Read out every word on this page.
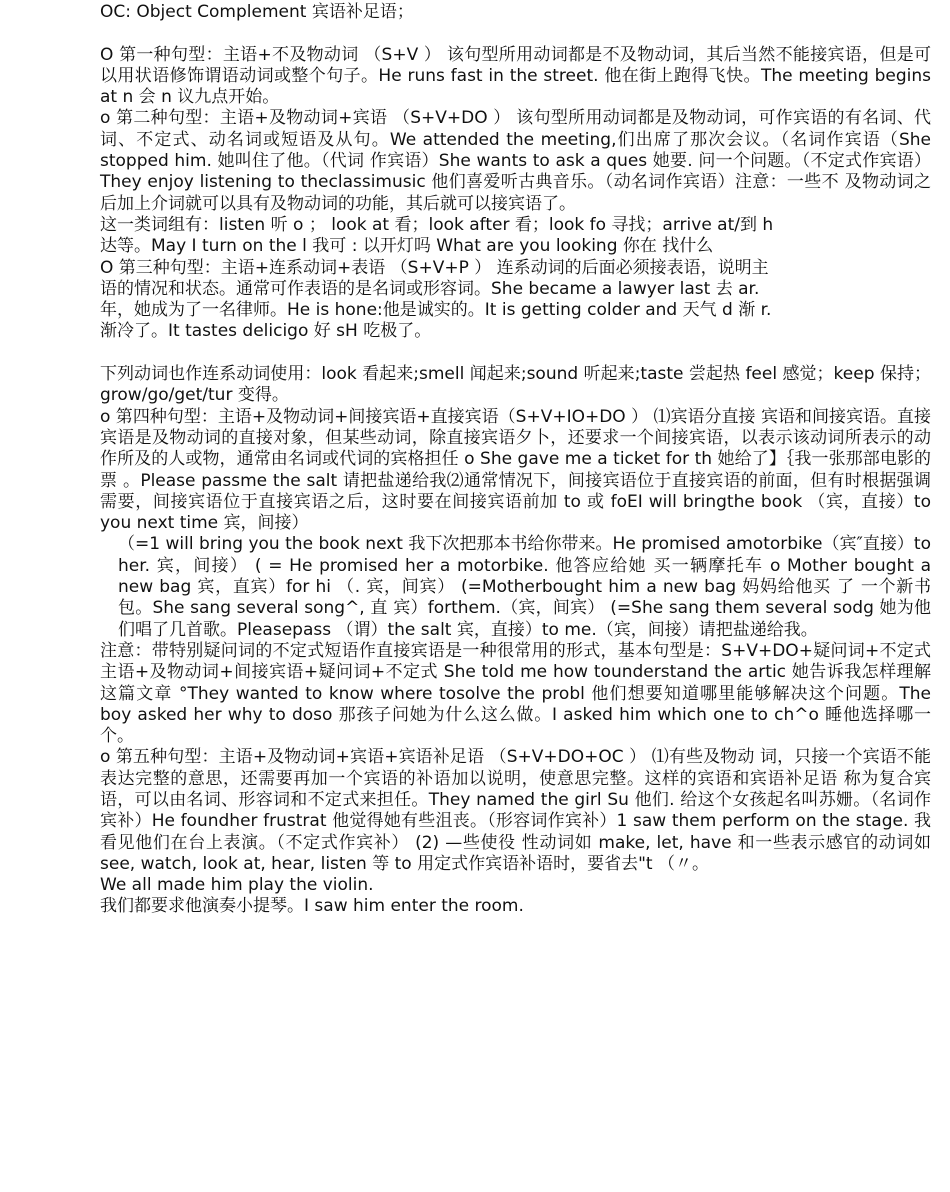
OC: Object Complement 宾语补足语；

O 第一种句型：主语+不及物动词 （S+V ） 该句型所用动词都是不及物动词，其后当然不能接宾语，但是可以用状语修饰谓语动词或整个句子。He runs fast in the street. 他在街上跑得飞快。The meeting begins at n 会 n 议九点开始。

o 第二种句型：主语+及物动词+宾语 （S+V+DO ） 该句型所用动词都是及物动词，可作宾语的有名词、代词、不定式、动名词或短语及从句。We attended the meeting,们出席了那次会议。（名词作宾语（She stopped him. 她叫住了他。（代词 作宾语）She wants to ask a ques 她要. 问一个问题。（不定式作宾语）They enjoy listening to theclassimusic 他们喜爱听古典音乐。（动名词作宾语）注意：一些不 及物动词之后加上介词就可以具有及物动词的功能，其后就可以接宾语了。

这一类词组有：listen 听 o ； look at 看；look after 看；look fo 寻找；arrive at/到 h
达等。May I turn on the l 我可 : 以开灯吗 What are you looking 你在 找什么
O 第三种句型：主语+连系动词+表语 （S+V+P ） 连系动词的后面必须接表语，说明主
语的情况和状态。通常可作表语的是名词或形容词。She became a lawyer last 去 ar.
年，她成为了一名律师。He is hone:他是诚实的。It is getting colder and 天气 d 渐 r.
渐冷了。It tastes delicigo 好 sH 吃极了。

下列动词也作连系动词使用：look 看起来;smell 闻起来;sound 听起来;taste 尝起热 feel 感觉；keep 保持；grow/go/get/tur 变得。

o 第四种句型：主语+及物动词+间接宾语+直接宾语（S+V+IO+DO ） ⑴宾语分直接 宾语和间接宾语。直接宾语是及物动词的直接对象，但某些动词，除直接宾语夕卜，还要求一个间接宾语，以表示该动词所表示的动作所及的人或物，通常由名词或代词的宾格担任 o She gave me a ticket for th 她给了】｛我一张那部电影的票 。Please passme the salt 请把盐递给我⑵通常情况下，间接宾语位于直接宾语的前面，但有时根据强调需要，间接宾语位于直接宾语之后，这时要在间接宾语前加 to 或 foEI will bringthe book （宾，直接）to you next time 宾，间接）

（=1 will bring you the book next 我下次把那本书给你带来。He promised amotorbike（宾″直接）to her. 宾，间接） ( = He promised her a motorbike. 他答应给她 买一辆摩托车 o Mother bought a new bag 宾，直宾）for hi （. 宾，间宾） (=Motherbought him a new bag 妈妈给他买 了 一个新书包。She sang several song^, 直 宾）forthem.（宾，间宾） (=She sang them several sodg 她为他们唱了几首歌。Pleasepass （谓）the salt 宾，直接）to me.（宾，间接）请把盐递给我。

注意：带特别疑问词的不定式短语作直接宾语是一种很常用的形式，基本句型是：S+V+DO+疑问词+不定式主语+及物动词+间接宾语+疑问词+不定式 She told me how tounderstand the artic 她告诉我怎样理解这篇文章 °They wanted to know where tosolve the probl 他们想要知道哪里能够解决这个问题。The boy asked her why to doso 那孩子问她为什么这么做。I asked him which one to ch^o 睡他选择哪一个。

o 第五种句型：主语+及物动词+宾语+宾语补足语 （S+V+DO+OC ） ⑴有些及物动 词，只接一个宾语不能表达完整的意思，还需要再加一个宾语的补语加以说明，使意思完整。这样的宾语和宾语补足语 称为复合宾语，可以由名词、形容词和不定式来担任。They named the girl Su 他们. 给这个女孩起名叫苏姗。（名词作宾补）He foundher frustrat 他觉得她有些沮丧。（形容词作宾补）1 saw them perform on the stage. 我看见他们在台上表演。（不定式作宾补） (2) —些使役 性动词如 make, let, have 和一些表示感官的动词如 see, watch, look at, hear, listen 等 to 用定式作宾语补语时，要省去"t （〃。

We all made him play the violin.
我们都要求他演奏小提琴。I saw him enter the room.
